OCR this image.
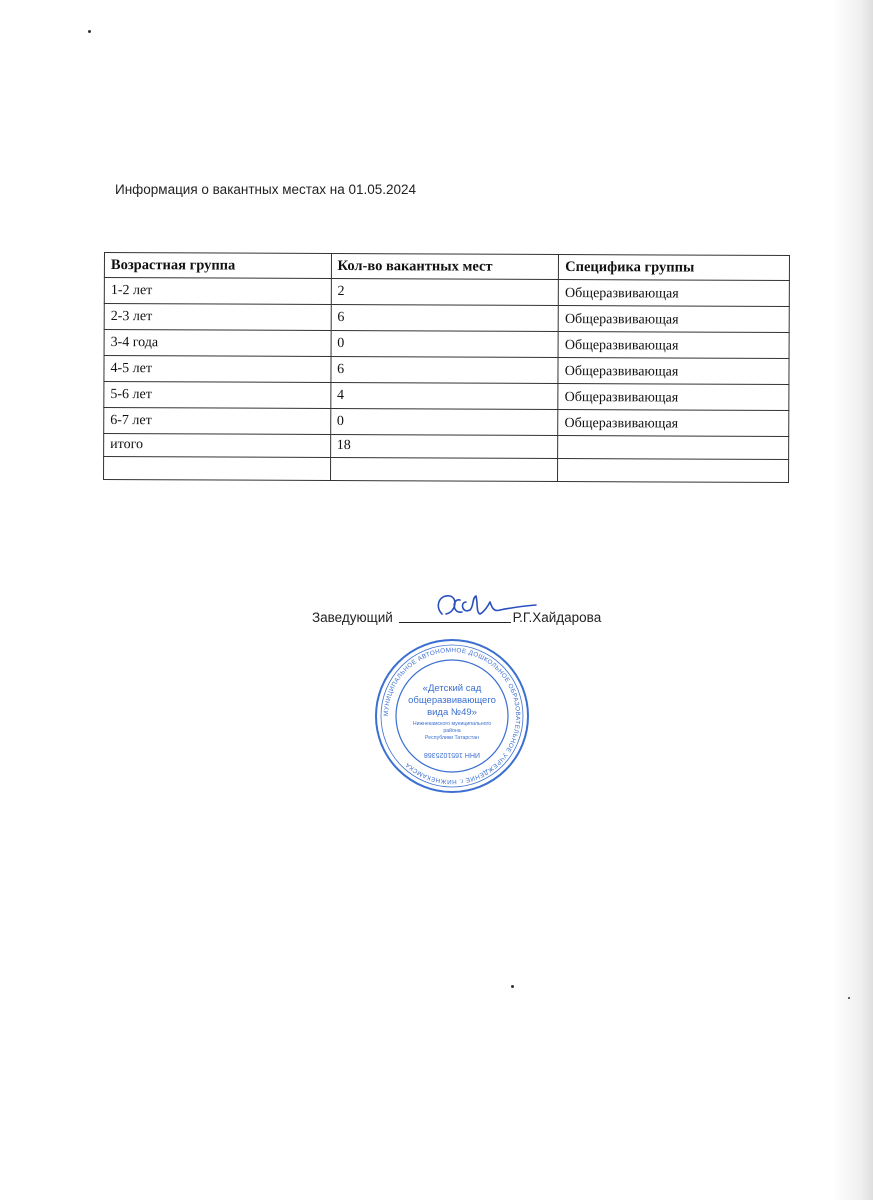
Информация о вакантных местах на 01.05.2024
Возрастная группа	Кол-во вакантных мест	Специфика группы
1-2 лет	2	Общеразвивающая
2-3 лет	6	Общеразвивающая
3-4 года	0	Общеразвивающая
4-5 лет	6	Общеразвивающая
5-6 лет	4	Общеразвивающая
6-7 лет	0	Общеразвивающая
итого	18	

Заведующий	Р.Г.Хайдарова
МУНИЦИПАЛЬНОЕ АВТОНОМНОЕ ДОШКОЛЬНОЕ ОБРАЗОВАТЕЛЬНОЕ УЧРЕЖДЕНИЕ г. НИЖНЕКАМСКА
«Детский сад
общеразвивающего
вида №49»
Нижнекамского муниципального
района
Республики Татарстан
ИНН 1651025368
